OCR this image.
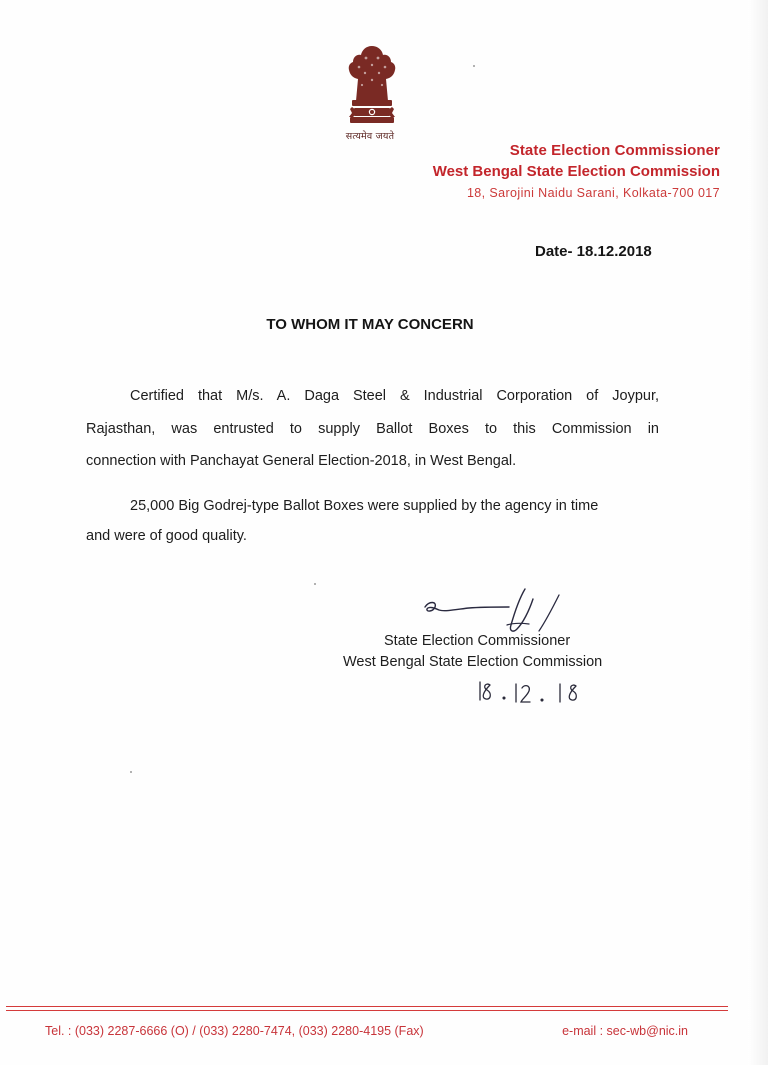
सत्यमेव जयते
State Election Commissioner
West Bengal State Election Commission
18, Sarojini Naidu Sarani, Kolkata-700 017
Date- 18.12.2018
TO WHOM IT MAY CONCERN
Certified that M/s. A. Daga Steel & Industrial Corporation of Joypur,
Rajasthan, was entrusted to supply Ballot Boxes to this Commission in
connection with Panchayat General Election-2018, in West Bengal.
25,000 Big Godrej-type Ballot Boxes were supplied by the agency in time
and were of good quality.
State Election Commissioner
West Bengal State Election Commission
Tel. : (033) 2287-6666 (O) / (033) 2280-7474, (033) 2280-4195 (Fax)	e-mail : sec-wb@nic.in
